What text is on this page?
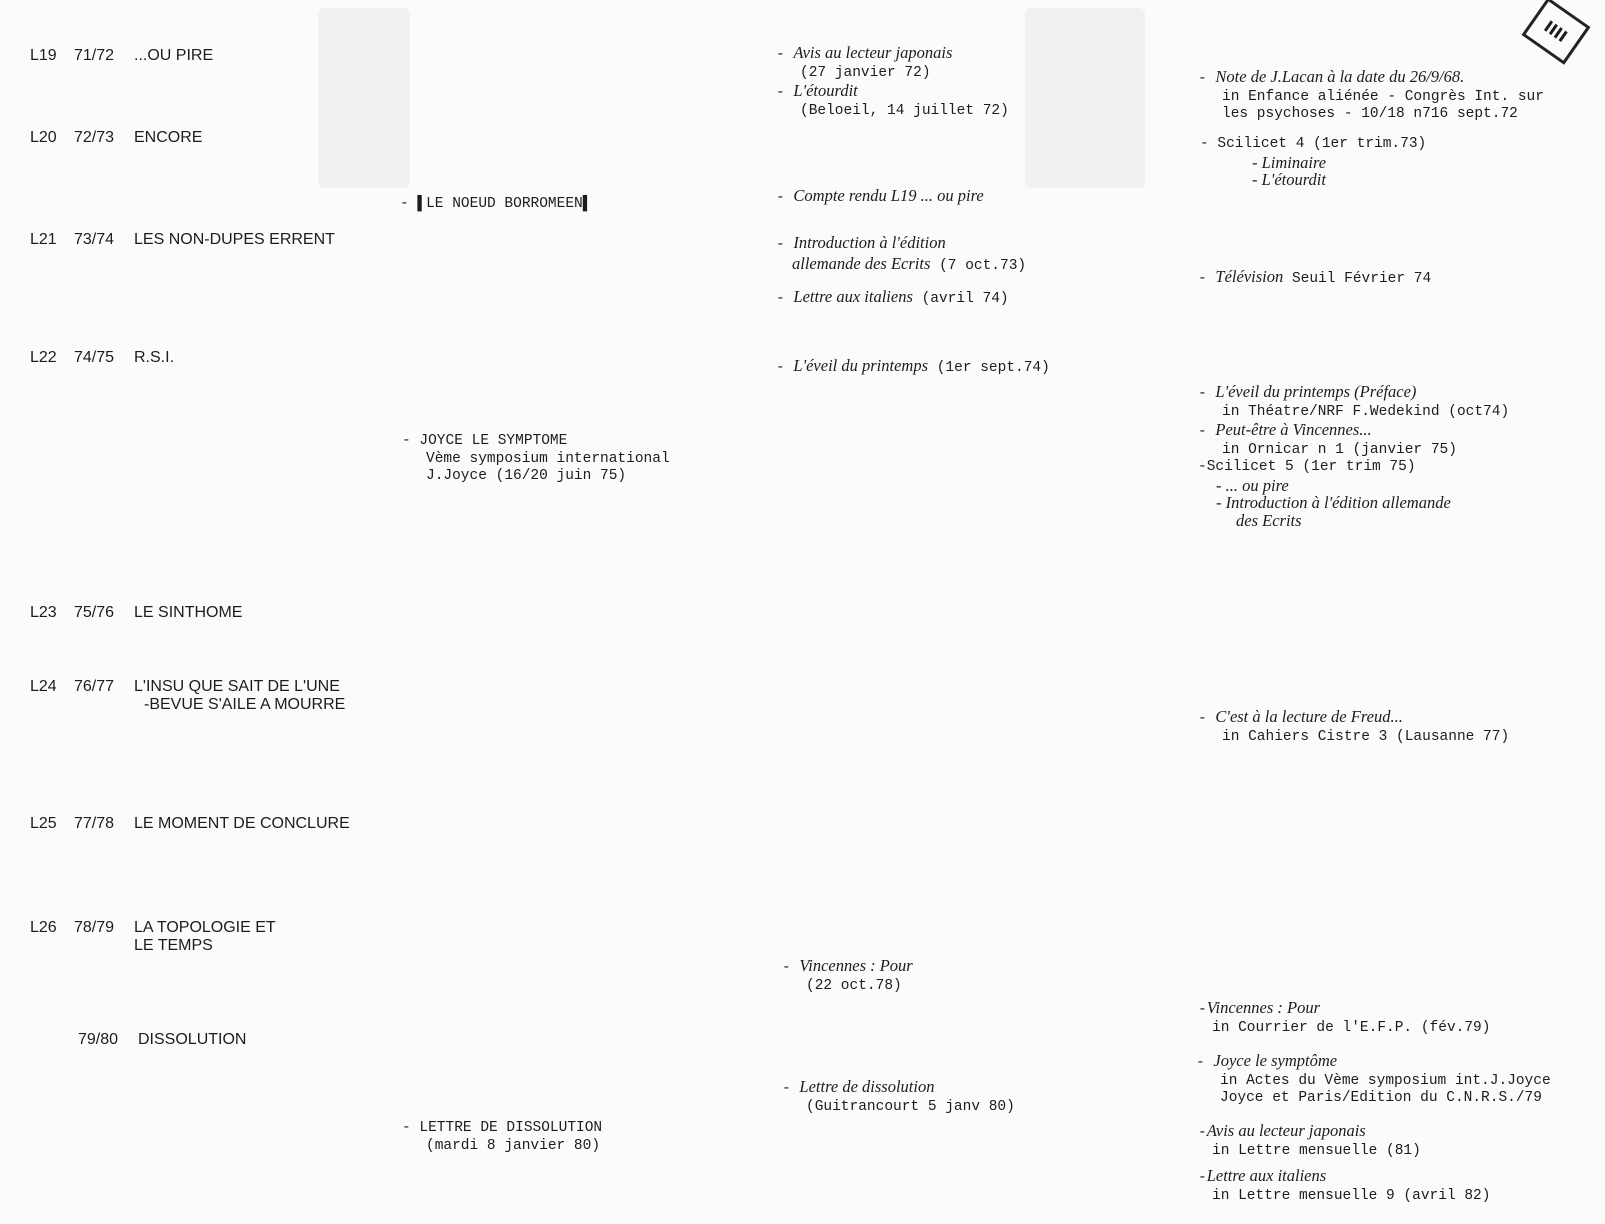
IIII
L19 71/72 ...OU PIRE
L20 72/73 ENCORE
L21 73/74 LES NON-DUPES ERRENT
L22 74/75 R.S.I.
L23 75/76 LE SINTHOME
L24 76/77 L'INSU QUE SAIT DE L'UNE
-BEVUE S'AILE A MOURRE
L25 77/78 LE MOMENT DE CONCLURE
L26 78/79 LA TOPOLOGIE ET
LE TEMPS
79/80 DISSOLUTION
- ▌LE NOEUD BORROMEEN▌
- JOYCE LE SYMPTOME
Vème symposium international
J.Joyce (16/20 juin 75)
- LETTRE DE DISSOLUTION
(mardi 8 janvier 80)
- Avis au lecteur japonais
(27 janvier 72)
- L'étourdit
(Beloeil, 14 juillet 72)
- Compte rendu L19 ... ou pire
- Introduction à l'édition
allemande des Ecrits (7 oct.73)
- Lettre aux italiens (avril 74)
- L'éveil du printemps (1er sept.74)
- Vincennes : Pour
(22 oct.78)
- Lettre de dissolution
(Guitrancourt 5 janv 80)
- Note de J.Lacan à la date du 26/9/68.
in Enfance aliénée - Congrès Int. sur
les psychoses - 10/18 n716 sept.72
- Scilicet 4 (1er trim.73)
- Liminaire
- L'étourdit
- Télévision Seuil Février 74
- L'éveil du printemps (Préface)
in Théatre/NRF F.Wedekind (oct74)
- Peut-être à Vincennes...
in Ornicar n 1 (janvier 75)
-Scilicet 5 (1er trim 75)
- ... ou pire
- Introduction à l'édition allemande
des Ecrits
- C'est à la lecture de Freud...
in Cahiers Cistre 3 (Lausanne 77)
-Vincennes : Pour
in Courrier de l'E.F.P. (fév.79)
- Joyce le symptôme
in Actes du Vème symposium int.J.Joyce
Joyce et Paris/Edition du C.N.R.S./79
-Avis au lecteur japonais
in Lettre mensuelle (81)
-Lettre aux italiens
in Lettre mensuelle 9 (avril 82)
